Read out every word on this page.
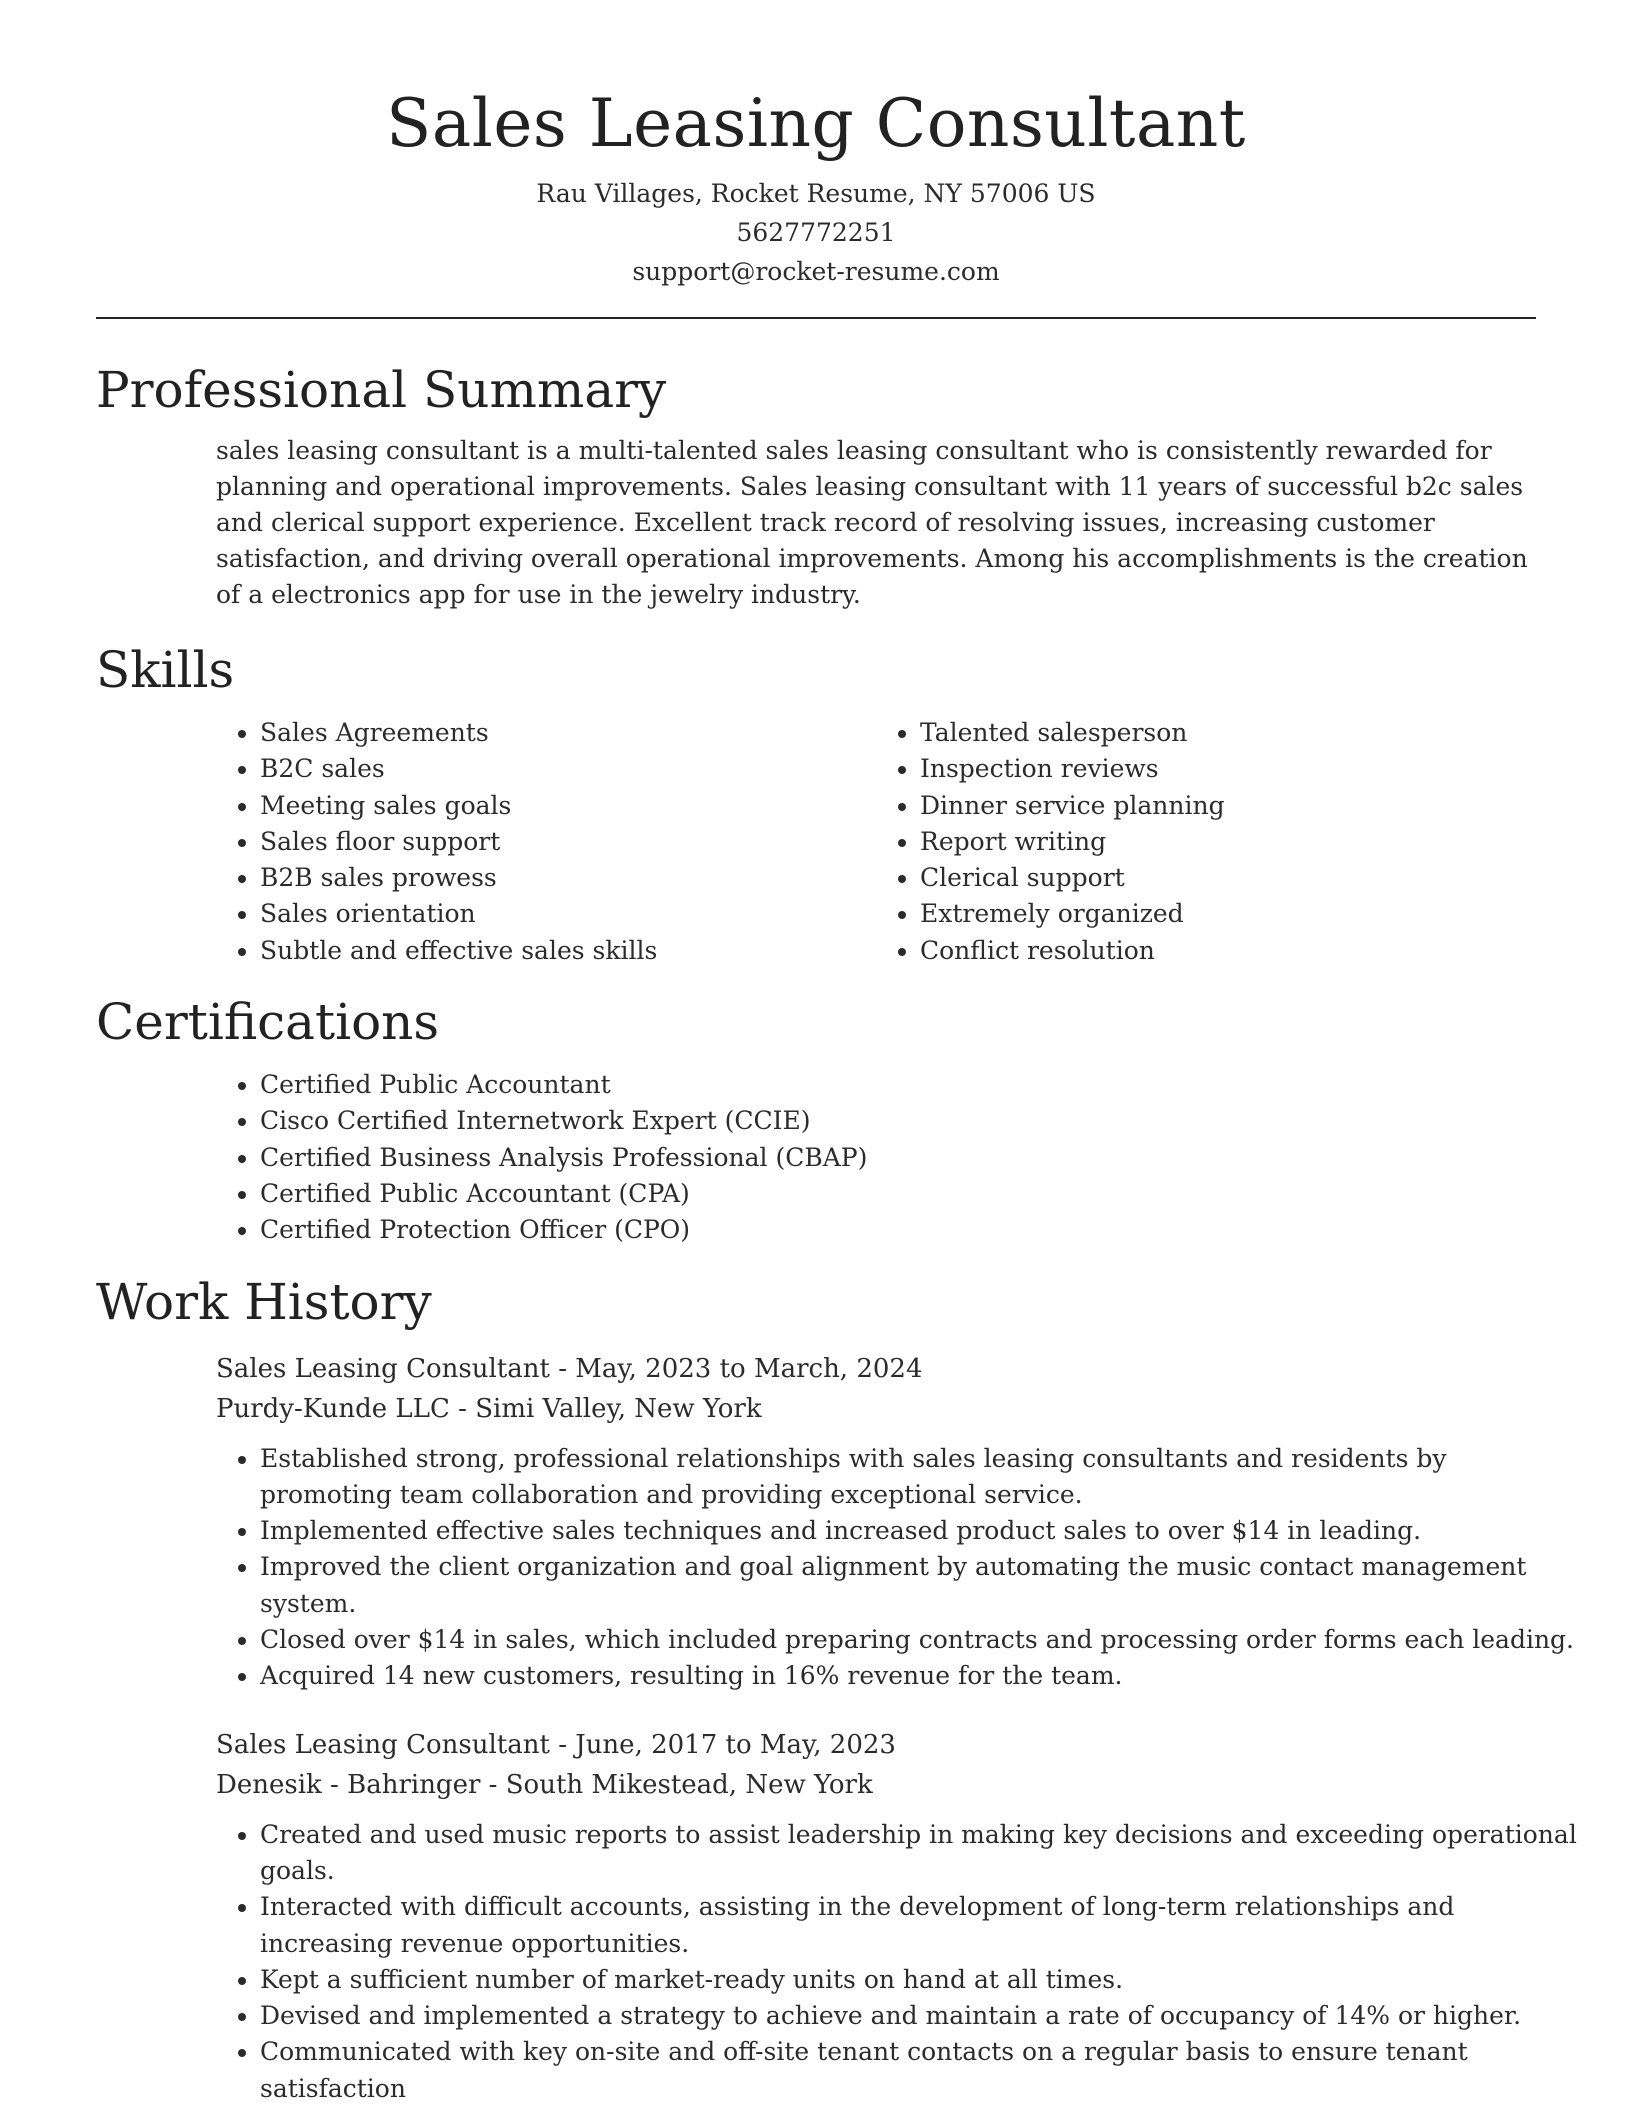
Sales Leasing Consultant

Rau Villages, Rocket Resume, NY 57006 US

5627772251

support@rocket-resume.com

Professional Summary
sales leasing consultant is a multi-talented sales leasing consultant who is consistently rewarded for planning and operational improvements. Sales leasing consultant with 11 years of successful b2c sales and clerical support experience. Excellent track record of resolving issues, increasing customer satisfaction, and driving overall operational improvements. Among his accomplishments is the creation of a electronics app for use in the jewelry industry.
Skills
• Sales Agreements
• B2C sales
• Meeting sales goals
• Sales floor support
• B2B sales prowess
• Sales orientation
• Subtle and effective sales skills
• Talented salesperson
• Inspection reviews
• Dinner service planning
• Report writing
• Clerical support
• Extremely organized
• Conflict resolution
Certifications
• Certified Public Accountant
• Cisco Certified Internetwork Expert (CCIE)
• Certified Business Analysis Professional (CBAP)
• Certified Public Accountant (CPA)
• Certified Protection Officer (CPO)
Work History

Sales Leasing Consultant - May, 2023 to March, 2024

Purdy-Kunde LLC - Simi Valley, New York

• Established strong, professional relationships with sales leasing consultants and residents by promoting team collaboration and providing exceptional service.
• Implemented effective sales techniques and increased product sales to over $14 in leading.
• Improved the client organization and goal alignment by automating the music contact management system.
• Closed over $14 in sales, which included preparing contracts and processing order forms each leading.
• Acquired 14 new customers, resulting in 16% revenue for the team.

Sales Leasing Consultant - June, 2017 to May, 2023

Denesik - Bahringer - South Mikestead, New York

• Created and used music reports to assist leadership in making key decisions and exceeding operational goals.
• Interacted with difficult accounts, assisting in the development of long-term relationships and increasing revenue opportunities.
• Kept a sufficient number of market-ready units on hand at all times.
• Devised and implemented a strategy to achieve and maintain a rate of occupancy of 14% or higher.
• Communicated with key on-site and off-site tenant contacts on a regular basis to ensure tenant satisfaction
